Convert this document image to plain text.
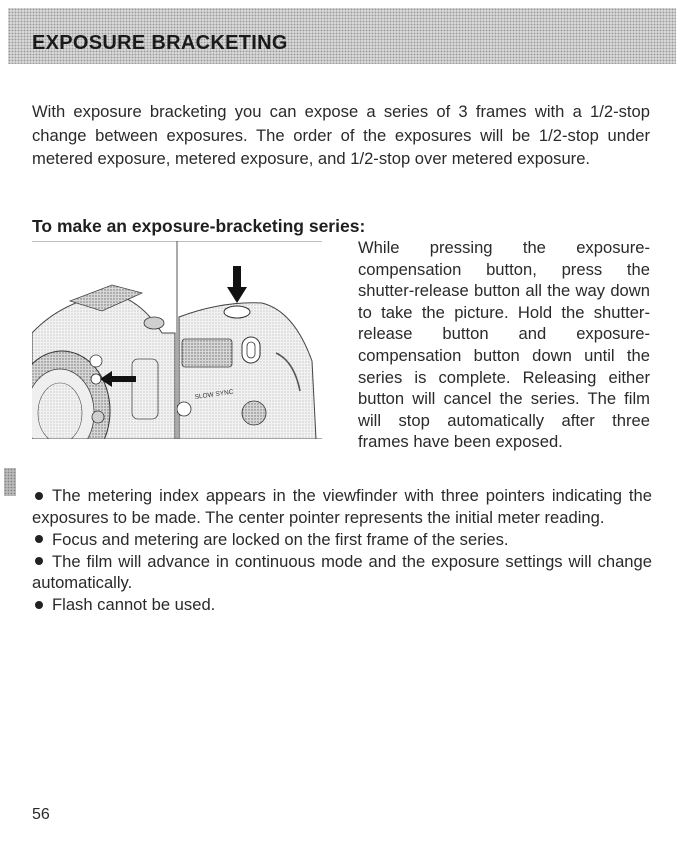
EXPOSURE BRACKETING

With exposure bracketing you can expose a series of 3 frames with a 1/2-stop change between exposures. The order of the exposures will be 1/2-stop under metered exposure, metered exposure, and 1/2-stop over metered exposure.

To make an exposure-bracketing series:
SLOW SYNC

While pressing the exposure-compensation button, press the shutter-release button all the way down to take the picture. Hold the shutter-release button and exposure-compensation button down until the series is complete. Releasing either button will cancel the series. The film will stop automatically after three frames have been exposed.

The metering index appears in the viewfinder with three pointers indicating the exposures to be made. The center pointer represents the initial meter reading.
Focus and metering are locked on the first frame of the series.
The film will advance in continuous mode and the exposure settings will change automatically.
Flash cannot be used.
56
